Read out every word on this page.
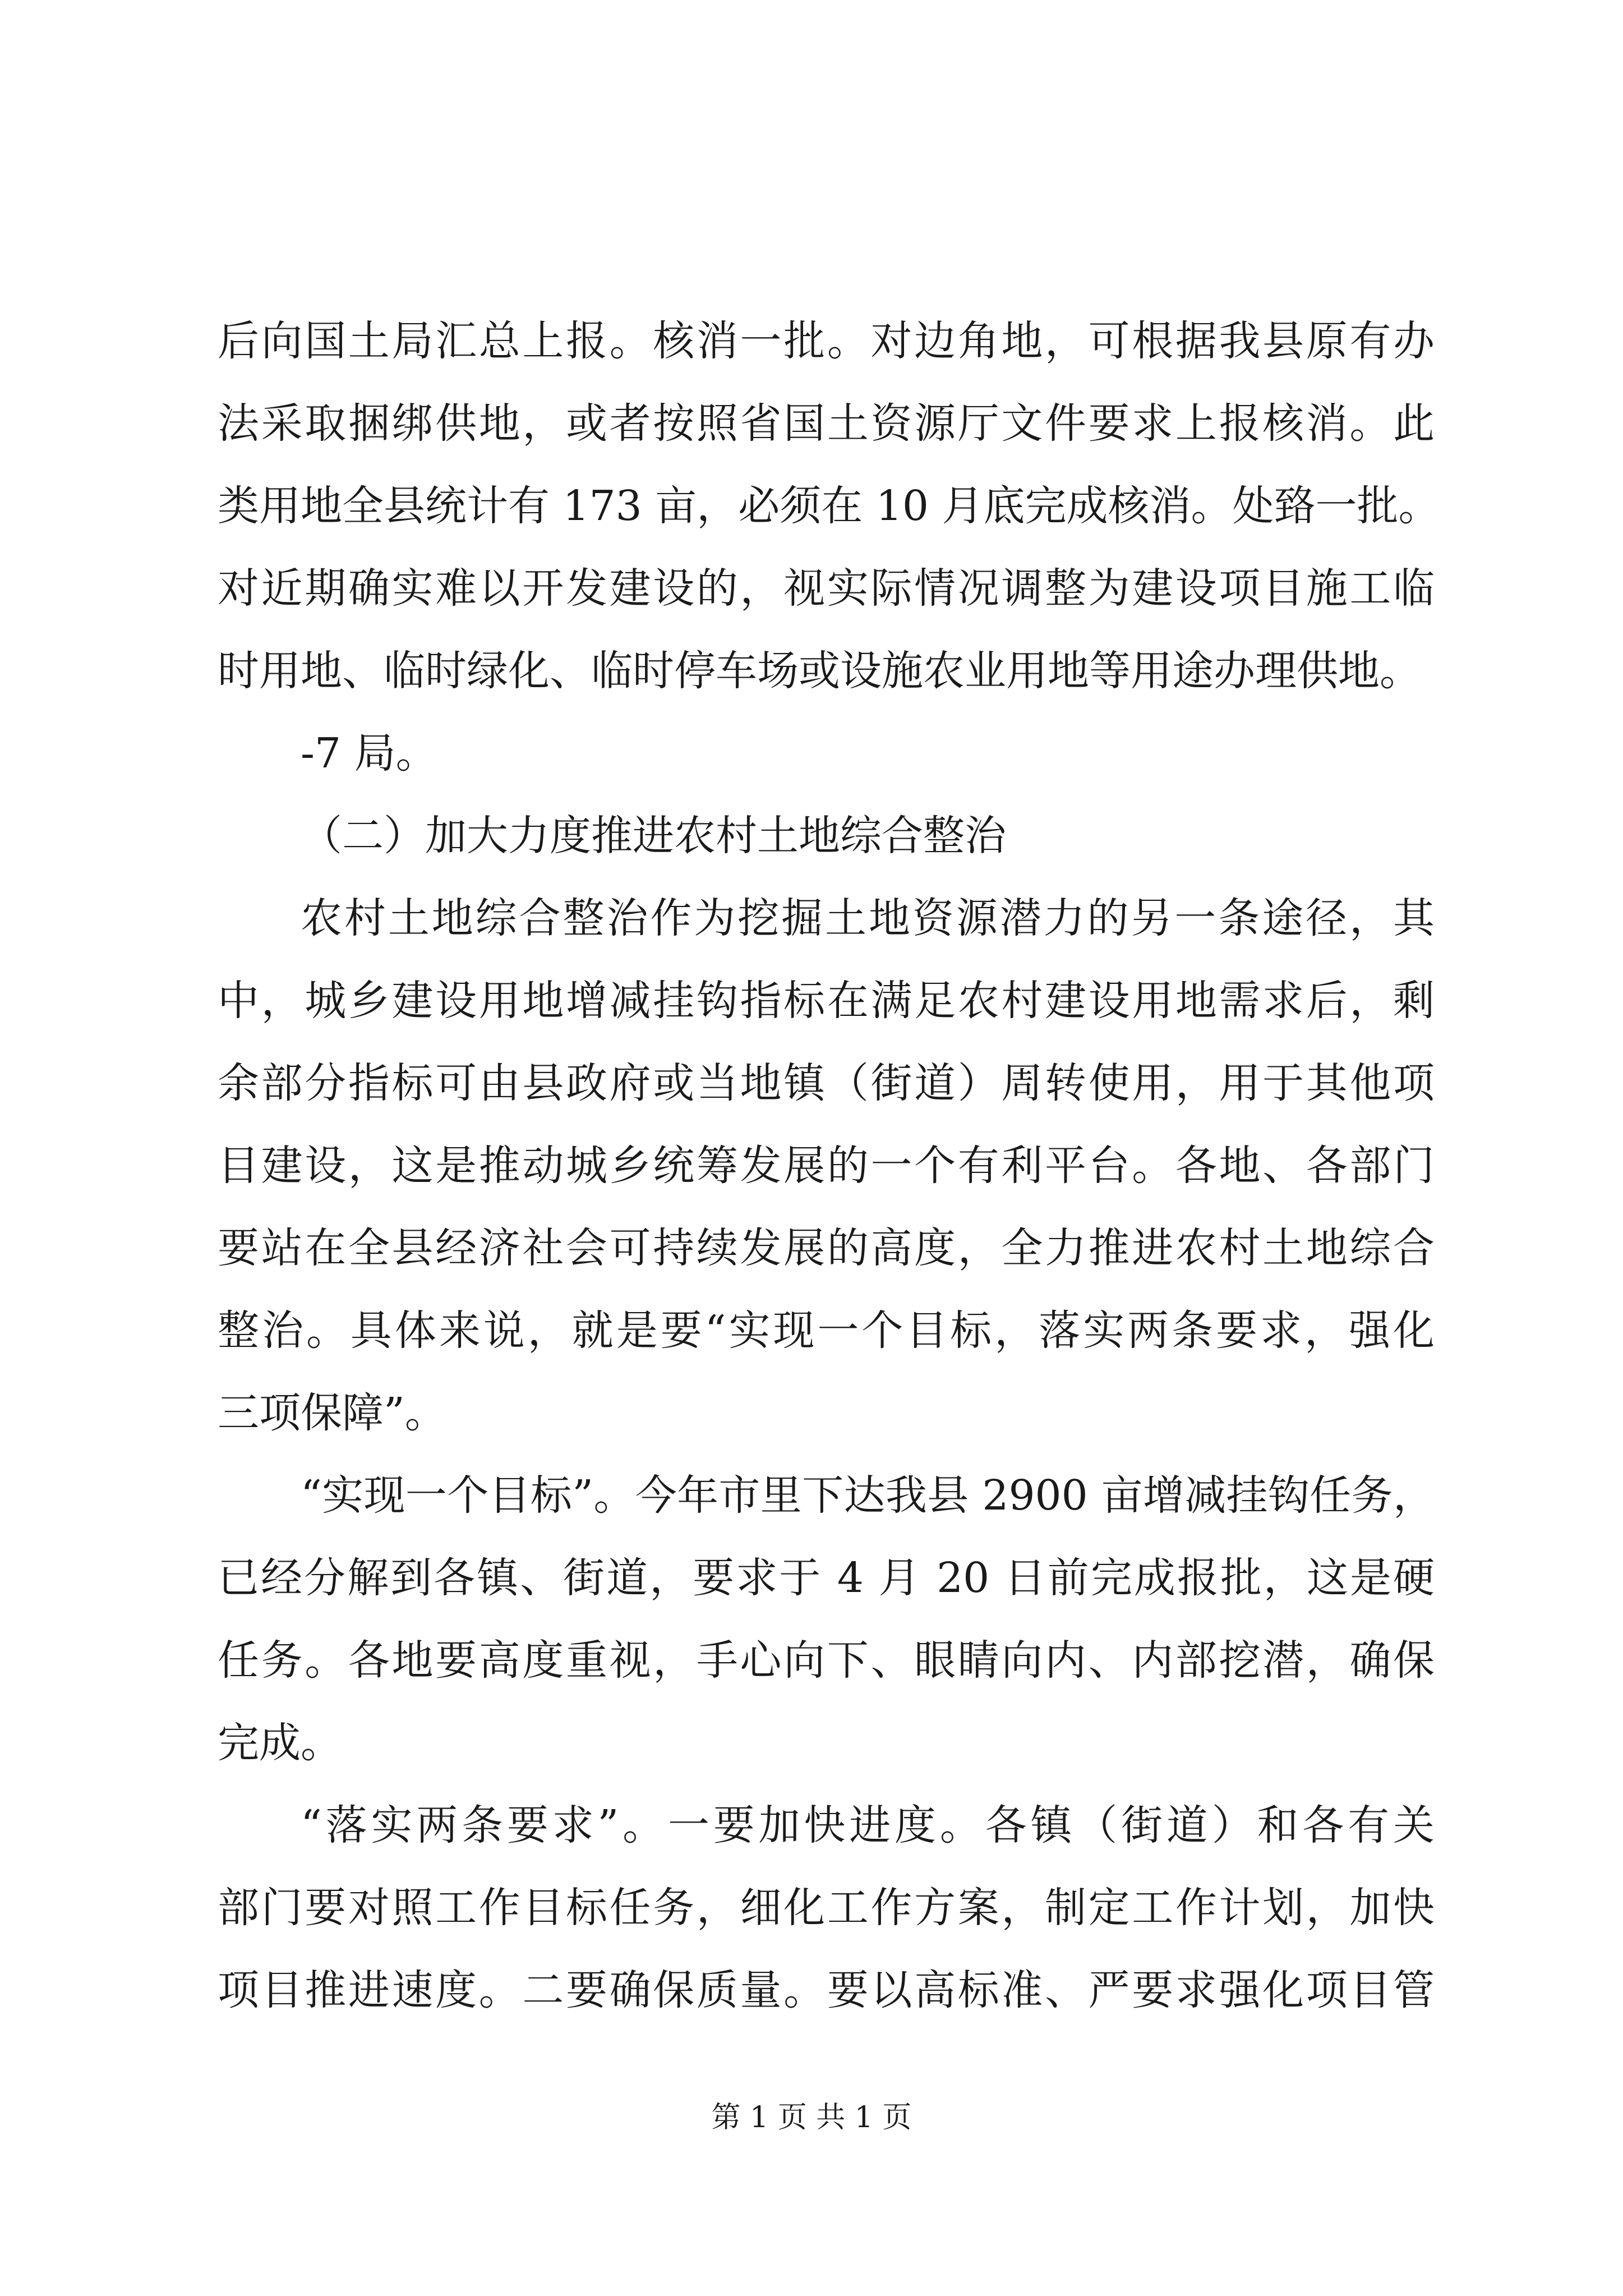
后向国土局汇总上报。核消一批。对边角地，可根据我县原有办
法采取捆绑供地，或者按照省国土资源厅文件要求上报核消。此
类用地全县统计有 173 亩，必须在 10 月底完成核消。处臵一批。
对近期确实难以开发建设的，视实际情况调整为建设项目施工临
时用地、临时绿化、临时停车场或设施农业用地等用途办理供地。
-7 局。
（二）加大力度推进农村土地综合整治
农村土地综合整治作为挖掘土地资源潜力的另一条途径，其
中，城乡建设用地增减挂钩指标在满足农村建设用地需求后，剩
余部分指标可由县政府或当地镇（街道）周转使用，用于其他项
目建设，这是推动城乡统筹发展的一个有利平台。各地、各部门
要站在全县经济社会可持续发展的高度，全力推进农村土地综合
整治。具体来说，就是要“实现一个目标，落实两条要求，强化
三项保障”。
“实现一个目标”。今年市里下达我县 2900 亩增减挂钩任务，
已经分解到各镇、街道，要求于 4 月 20 日前完成报批，这是硬
任务。各地要高度重视，手心向下、眼睛向内、内部挖潜，确保
完成。
“落实两条要求”。一要加快进度。各镇（街道）和各有关
部门要对照工作目标任务，细化工作方案，制定工作计划，加快
项目推进速度。二要确保质量。要以高标准、严要求强化项目管
第 1 页 共 1 页
